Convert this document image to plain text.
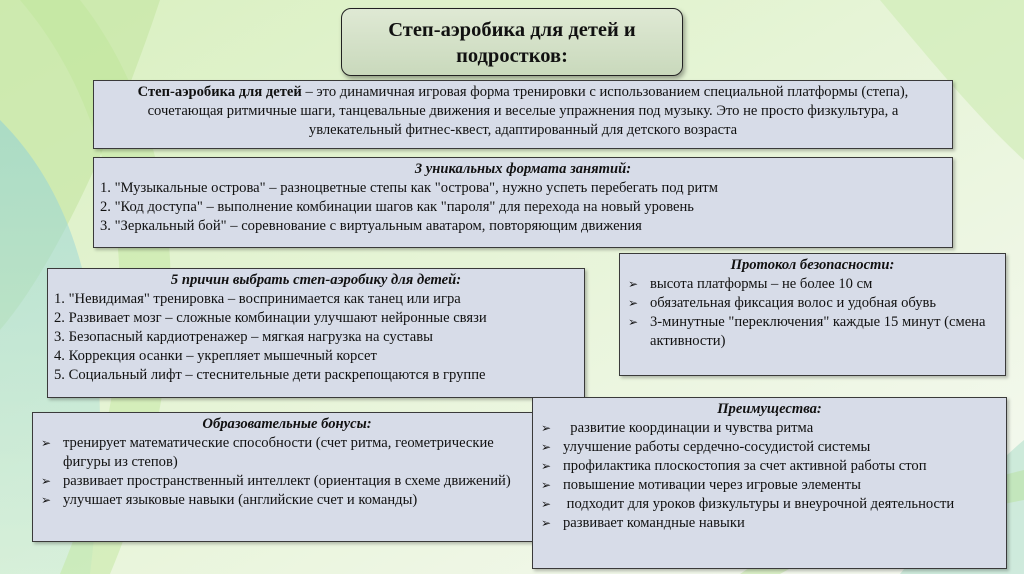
Степ-аэробика для детей и подростков:
Степ-аэробика для детей – это динамичная игровая форма тренировки с использованием специальной платформы (степа), сочетающая ритмичные шаги, танцевальные движения и веселые упражнения под музыку. Это не просто физкультура, а увлекательный фитнес-квест, адаптированный для детского возраста
3 уникальных формата занятий:
1. "Музыкальные острова" – разноцветные степы как "острова", нужно успеть перебегать под ритм
2. "Код доступа" – выполнение комбинации шагов как "пароля" для перехода на новый уровень
3. "Зеркальный бой" – соревнование с виртуальным аватаром, повторяющим движения
5 причин выбрать степ-аэробику для детей:
1. "Невидимая" тренировка – воспринимается как танец или игра
2. Развивает мозг – сложные комбинации улучшают нейронные связи
3. Безопасный кардиотренажер – мягкая нагрузка на суставы
4. Коррекция осанки – укрепляет мышечный корсет
5. Социальный лифт – стеснительные дети раскрепощаются в группе
Протокол безопасности:
➢ высота платформы – не более 10 см
➢ обязательная фиксация волос и удобная обувь
➢ 3-минутные "переключения" каждые 15 минут (смена активности)
Образовательные бонусы:
➢ тренирует математические способности (счет ритма, геометрические фигуры из степов)
➢ развивает пространственный интеллект (ориентация в схеме движений)
➢ улучшает языковые навыки (английские счет и команды)
Преимущества:
➢ развитие координации и чувства ритма
➢ улучшение работы сердечно-сосудистой системы
➢ профилактика плоскостопия за счет активной работы стоп
➢ повышение мотивации через игровые элементы
➢ подходит для уроков физкультуры и внеурочной деятельности
➢ развивает командные навыки
